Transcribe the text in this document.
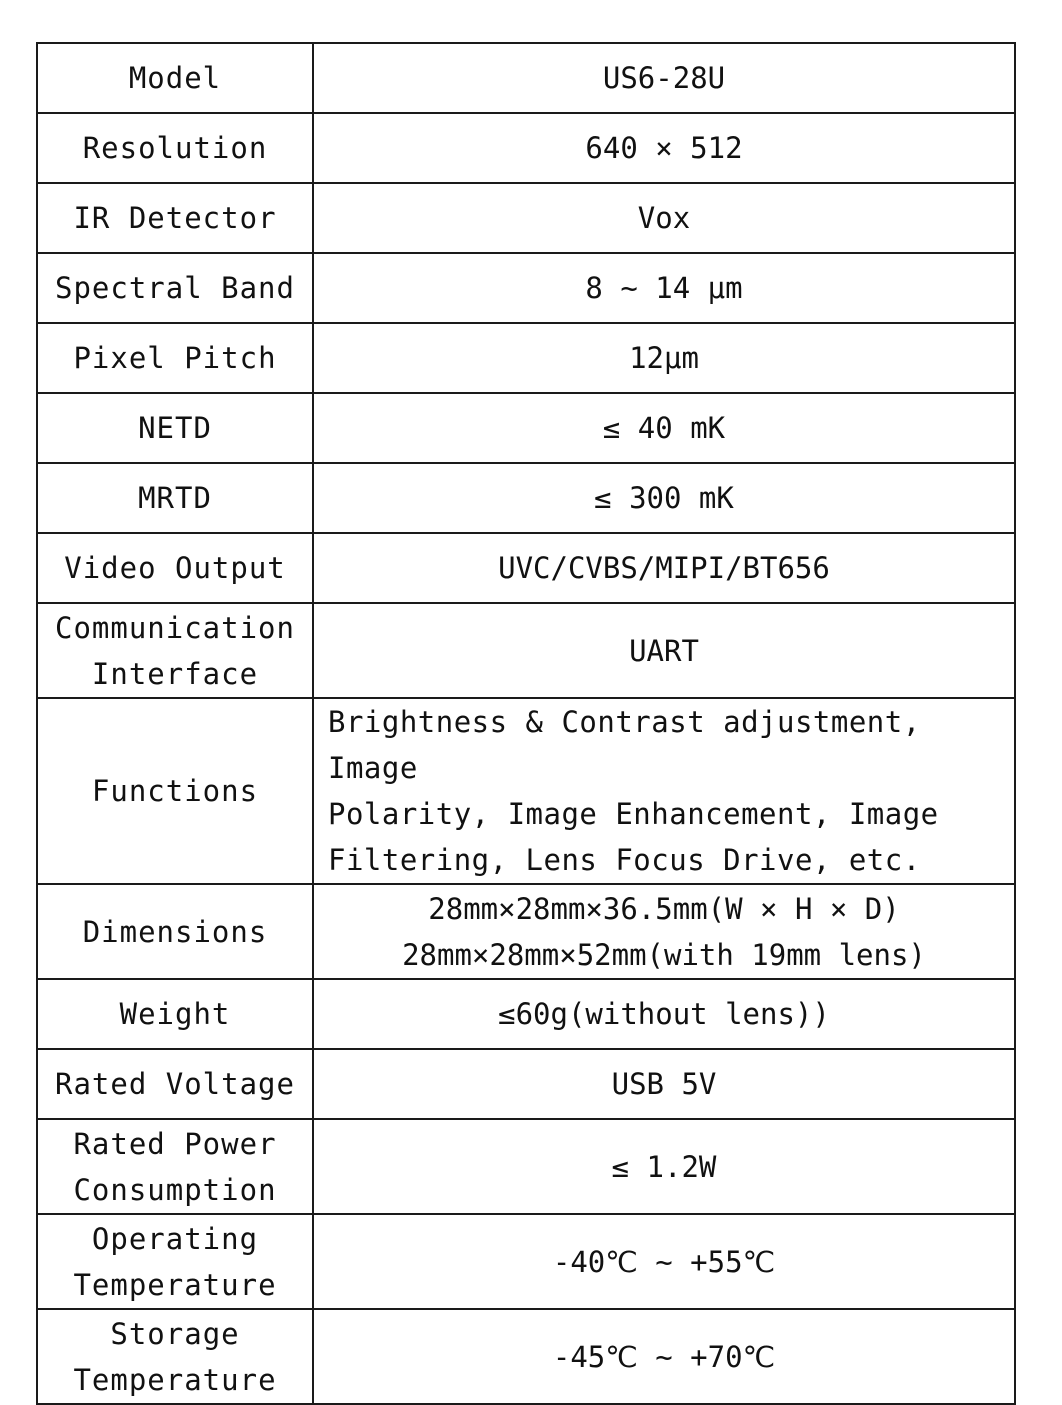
Model	US6-28U
Resolution	640 × 512
IR Detector	Vox
Spectral Band	8 ~ 14 μm
Pixel Pitch	12μm
NETD	≤ 40 mK
MRTD	≤ 300 mK
Video Output	UVC/CVBS/MIPI/BT656
Communication
Interface	UART
Functions	Brightness & Contrast adjustment, Image
Polarity, Image Enhancement, Image
Filtering, Lens Focus Drive, etc.
Dimensions	28mm×28mm×36.5mm(W × H × D)
28mm×28mm×52mm(with 19mm lens)
Weight	≤60g(without lens))
Rated Voltage	USB 5V
Rated Power
Consumption	≤ 1.2W
Operating
Temperature	-40℃ ~ +55℃
Storage
Temperature	-45℃ ~ +70℃
